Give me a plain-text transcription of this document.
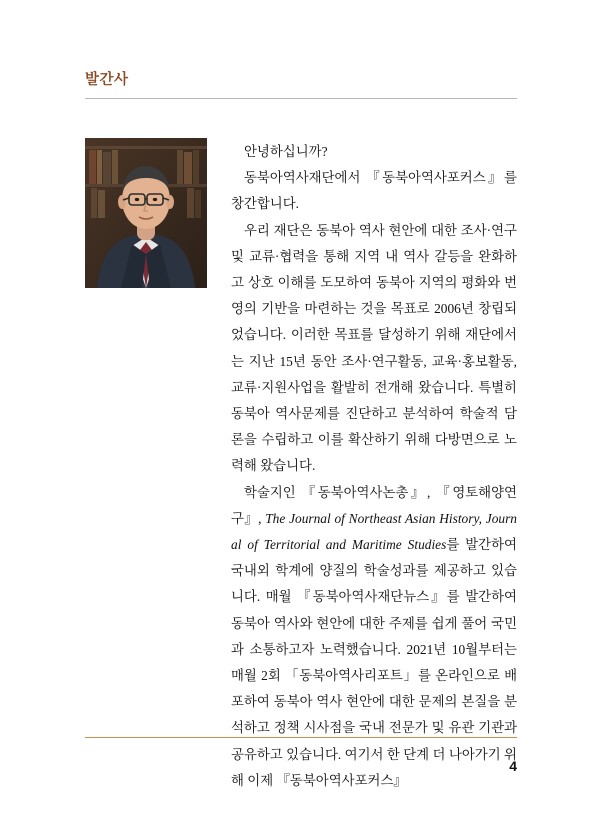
발간사

안녕하십니까?

동북아역사재단에서 『동북아역사포커스』를 창간합니다.

우리 재단은 동북아 역사 현안에 대한 조사·연구 및 교류·협력을 통해 지역 내 역사 갈등을 완화하고 상호 이해를 도모하여 동북아 지역의 평화와 번영의 기반을 마련하는 것을 목표로 2006년 창립되었습니다. 이러한 목표를 달성하기 위해 재단에서는 지난 15년 동안 조사·연구활동, 교육·홍보활동, 교류·지원사업을 활발히 전개해 왔습니다. 특별히 동북아 역사문제를 진단하고 분석하여 학술적 담론을 수립하고 이를 확산하기 위해 다방면으로 노력해 왔습니다.

학술지인 『동북아역사논총』, 『영토해양연구』, The Journal of Northeast Asian History, Journal of Territorial and Maritime Studies를 발간하여 국내외 학계에 양질의 학술성과를 제공하고 있습니다. 매월 『동북아역사재단뉴스』를 발간하여 동북아 역사와 현안에 대한 주제를 쉽게 풀어 국민과 소통하고자 노력했습니다. 2021년 10월부터는 매월 2회 「동북아역사리포트」를 온라인으로 배포하여 동북아 역사 현안에 대한 문제의 본질을 분석하고 정책 시사점을 국내 전문가 및 유관 기관과 공유하고 있습니다. 여기서 한 단계 더 나아가기 위해 이제 『동북아역사포커스』

4
